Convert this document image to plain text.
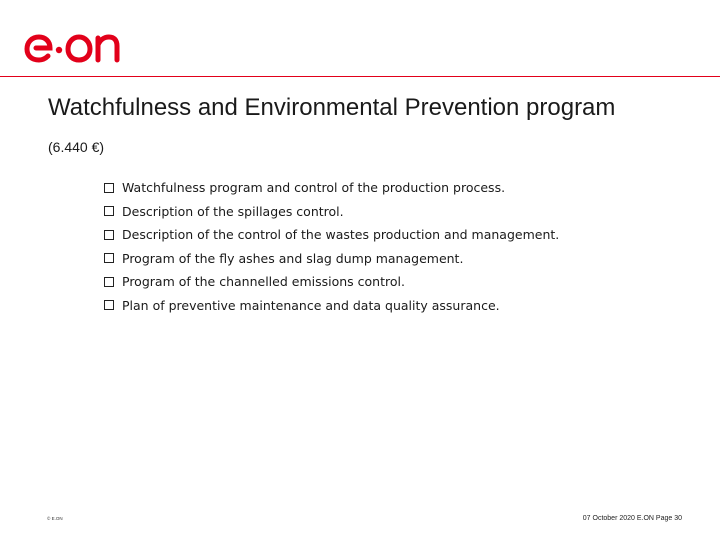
Watchfulness and Environmental Prevention program
(6.440 €)
Watchfulness program and control of the production process.
Description of the spillages control.
Description of the control of the wastes production and management.
Program of the fly ashes and slag dump management.
Program of the channelled emissions control.
Plan of preventive maintenance and data quality assurance.
© E.ON	07 October 2020 E.ON Page 30
